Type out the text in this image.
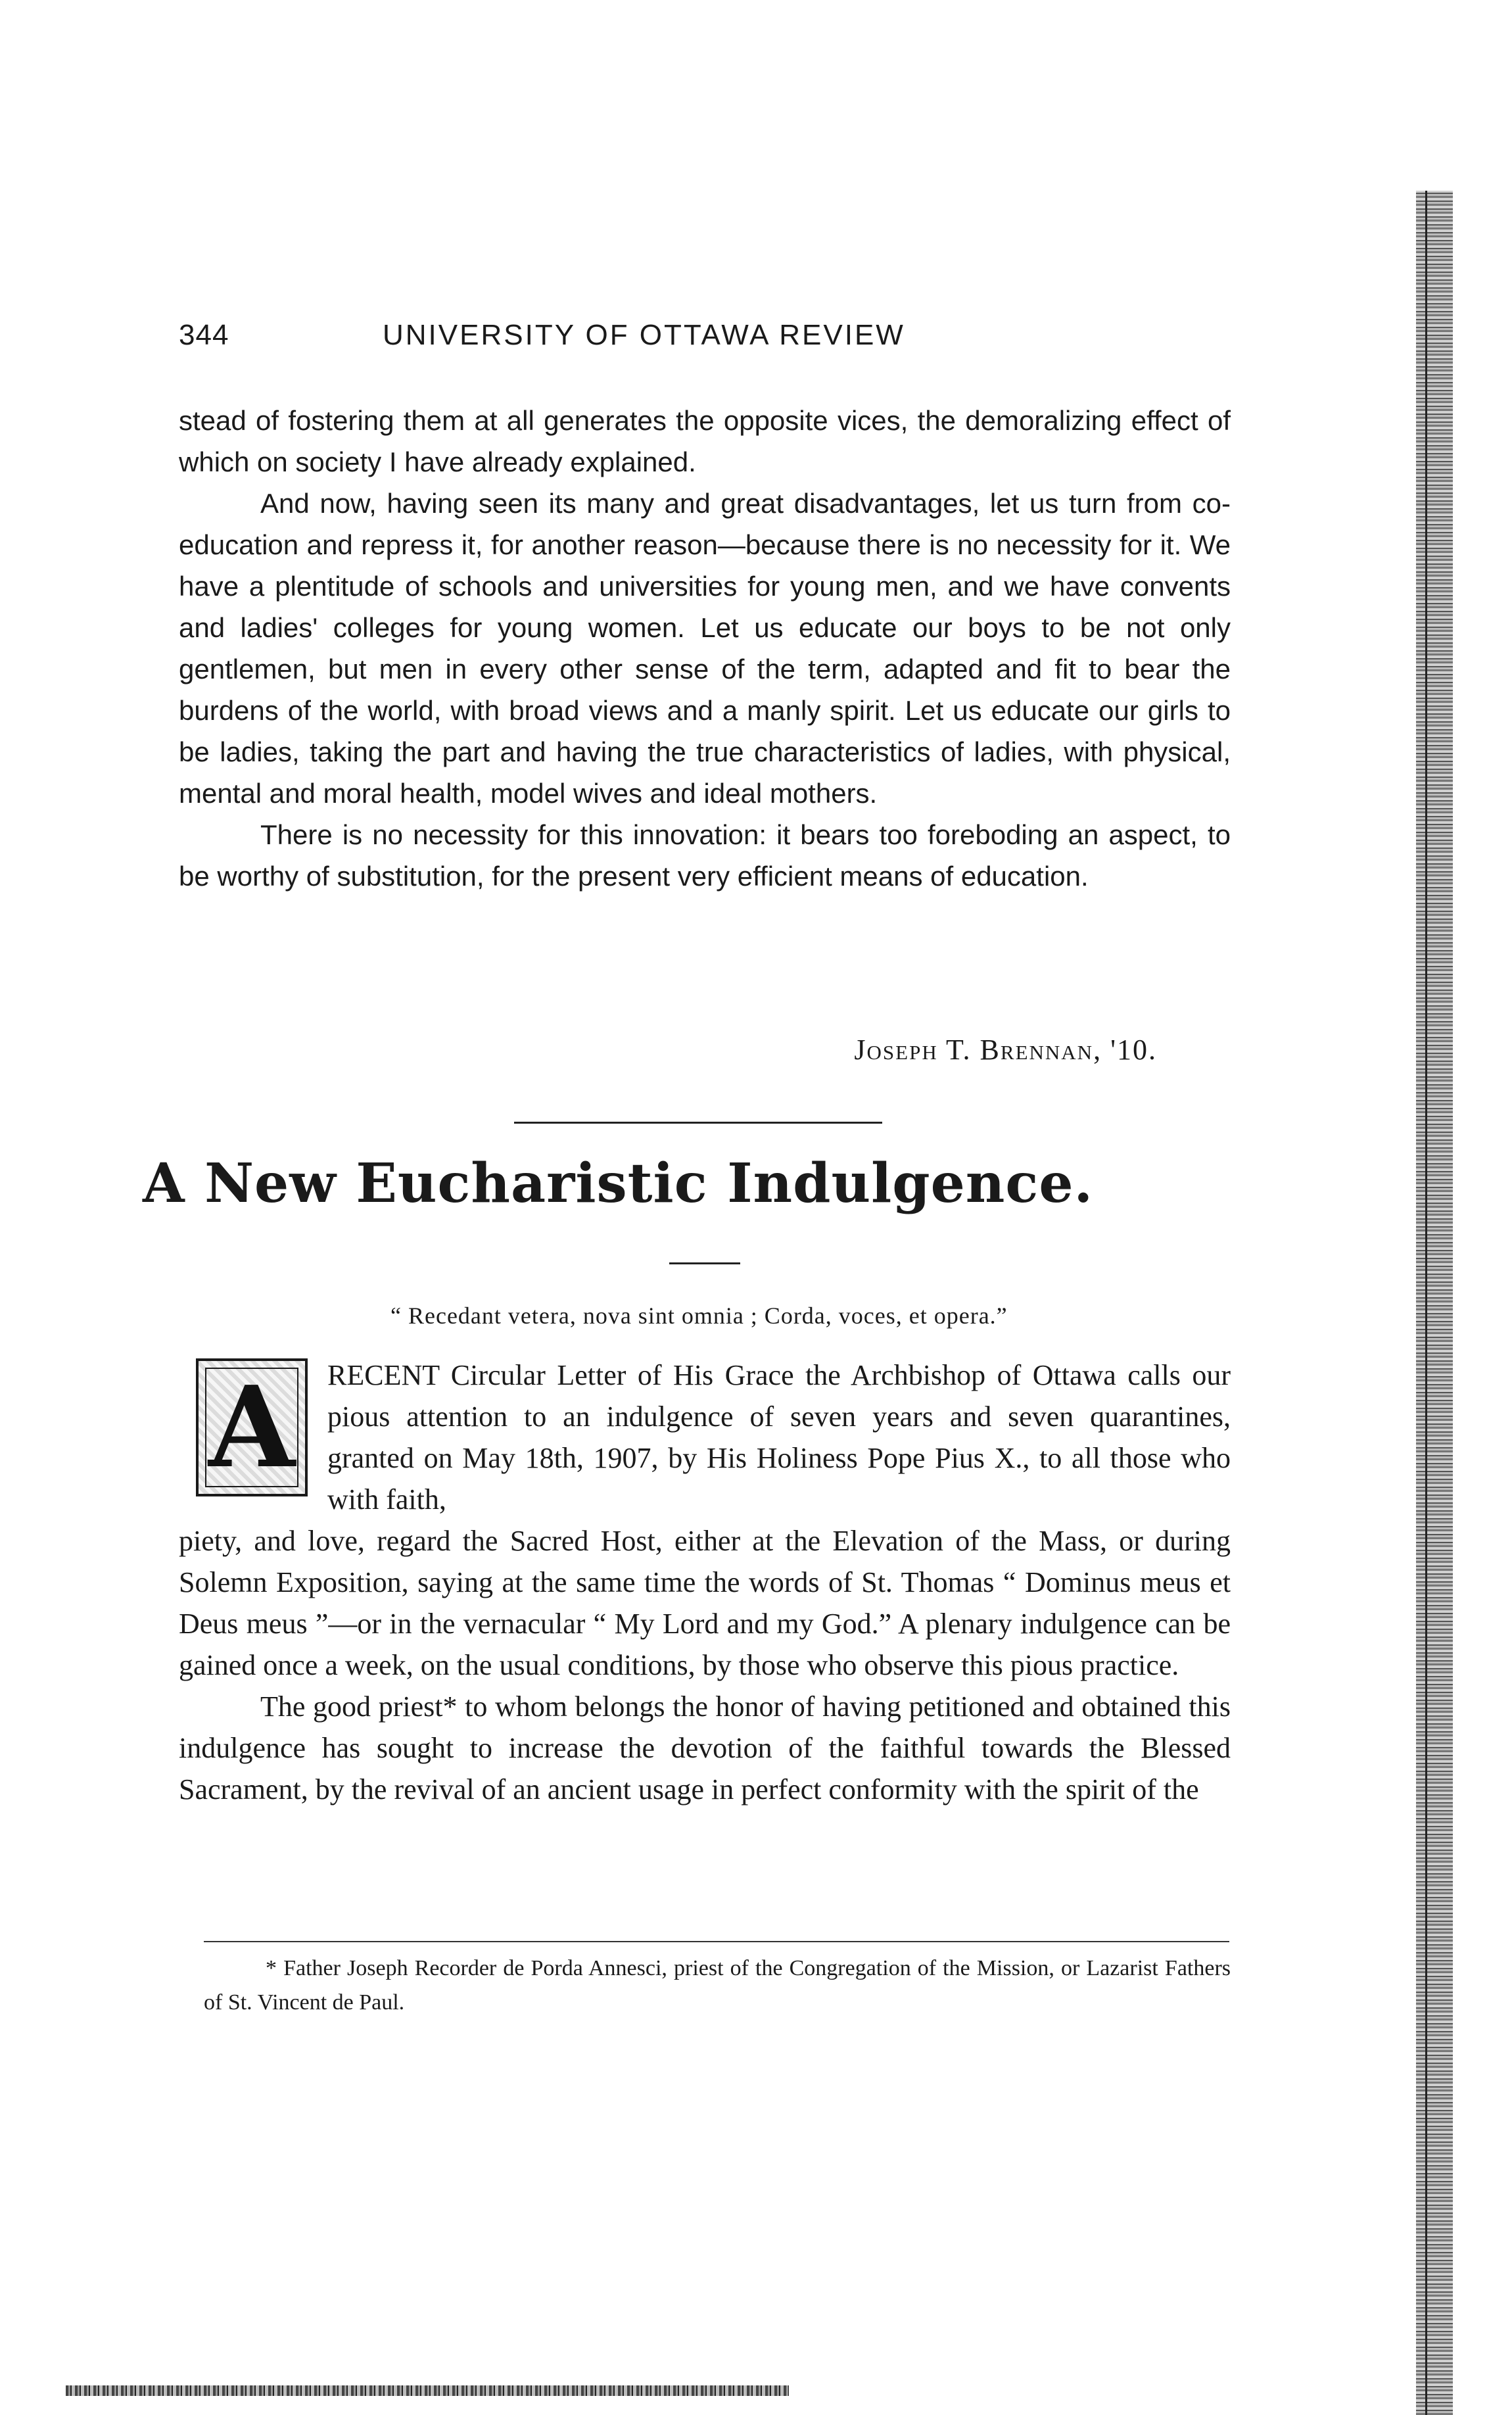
344	UNIVERSITY OF OTTAWA REVIEW

stead of fostering them at all generates the opposite vices, the demoralizing effect of which on society I have already explained.

And now, having seen its many and great disadvantages, let us turn from co-education and repress it, for another reason—because there is no necessity for it. We have a plentitude of schools and universities for young men, and we have convents and ladies' colleges for young women. Let us educate our boys to be not only gentlemen, but men in every other sense of the term, adapted and fit to bear the burdens of the world, with broad views and a manly spirit. Let us educate our girls to be ladies, taking the part and having the true characteristics of ladies, with physical, mental and moral health, model wives and ideal mothers.

There is no necessity for this innovation: it bears too foreboding an aspect, to be worthy of substitution, for the present very efficient means of education.

Joseph T. Brennan, '10.
A New Eucharistic Indulgence.
“ Recedant vetera, nova sint omnia ; Corda, voces, et opera.”
A	RECENT Circular Letter of His Grace the Archbishop of Ottawa calls our pious attention to an indulgence of seven years and seven quarantines, granted on May 18th, 1907, by His Holiness Pope Pius X., to all those who with faith,

piety, and love, regard the Sacred Host, either at the Elevation of the Mass, or during Solemn Exposition, saying at the same time the words of St. Thomas “ Dominus meus et Deus meus ”—or in the vernacular “ My Lord and my God.” A plenary indulgence can be gained once a week, on the usual conditions, by those who observe this pious practice.

The good priest* to whom belongs the honor of having petitioned and obtained this indulgence has sought to increase the devotion of the faithful towards the Blessed Sacrament, by the revival of an ancient usage in perfect conformity with the spirit of the

* Father Joseph Recorder de Porda Annesci, priest of the Congregation of the Mission, or Lazarist Fathers of St. Vincent de Paul.
